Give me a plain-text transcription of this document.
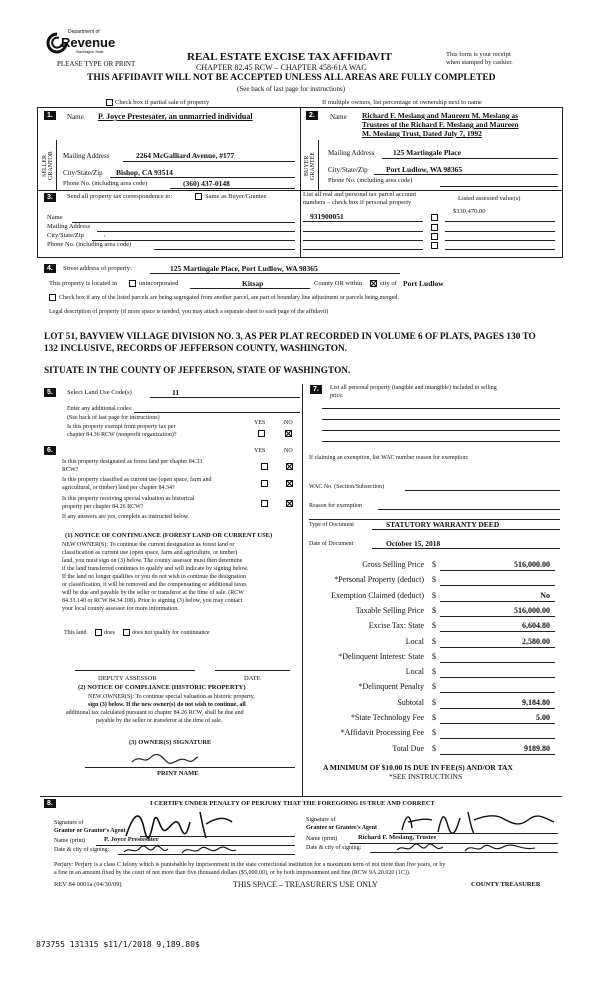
Department of
Revenue
Washington State
PLEASE TYPE OR PRINT
REAL ESTATE EXCISE TAX AFFIDAVIT
CHAPTER 82.45 RCW – CHAPTER 458-61A WAC
THIS AFFIDAVIT WILL NOT BE ACCEPTED UNLESS ALL AREAS ARE FULLY COMPLETED
(See back of last page for instructions)
This form is your receipt
when stamped by cashier.
Check box if partial sale of property	If multiple owners, list percentage of ownership next to name
1.	Name P. Joyce Prestesater, an unmarried individual
SELLER GRANTOR Mailing Address	2264 McGalliard Avenue, #177
City/State/Zip Bishop, CA 93514
Phone No. (including area code)	(360) 437-0148
2.	Name Richard F. Meslang and Maureen M. Meslang as
Trustees of the Richard F. Meslang and Maureen
M. Meslang Trust, Dated July 7, 1992
BUYER GRANTEE Mailing Address 125 Martingale Place
City/State/Zip Port Ludlow, WA 98365
Phone No. (including area code)
3.	Send all property tax correspondence to:	Same as Buyer/Grantee
Name
Mailing Address
City/State/Zip	,
Phone No. (including area code)
List all real and personal tax parcel account
numbers – check box if personal property
Listed assessed value(s)
931900051
$330,470.00
4.	Street address of property:	125 Martingale Place, Port Ludlow, WA 98365
This property is located in	unincorporated	Kitsap	County OR within	city of Port Ludlow
Check box if any of the listed parcels are being segregated from another parcel, are part of boundary line adjustment or parcels being merged.
Legal description of property (if more space is needed, you may attach a separate sheet to each page of the affidavit)
LOT 51, BAYVIEW VILLAGE DIVISION NO. 3, AS PER PLAT RECORDED IN VOLUME 6 OF PLATS, PAGES 130 TO
132 INCLUSIVE, RECORDS OF JEFFERSON COUNTY, WASHINGTON.
SITUATE IN THE COUNTY OF JEFFERSON, STATE OF WASHINGTON.
5.	Select Land Use Code(s)	11
Enter any additional codes:
(See back of last page for instructions)
YES	NO
Is this property exempt from property tax per
chapter 84.36 RCW (nonprofit organization)?
6.	YES	NO
Is this property designated as forest land per chapter 84.33
RCW?
Is this property classified as current use (open space, farm and
agricultural, or timber) land per chapter 84.34?
Is this property receiving special valuation as historical
property per chapter 84.26 RCW?
If any answers are yes, complete as instructed below.
(1) NOTICE OF CONTINUANCE (FOREST LAND OR CURRENT USE)
NEW OWNER(S): To continue the current designation as forest land or
classification as current use (open space, farm and agriculture, or timber)
land, you must sign on (3) below. The county assessor must then determine
if the land transferred continues to qualify and will indicate by signing below.
If the land no longer qualifies or you do not wish to continue the designation
or classification, it will be removed and the compensating or additional taxes
will be due and payable by the seller or transferor at the time of sale. (RCW
84.33.140 or RCW 84.34.108). Prior to signing (3) below, you may contact
your local county assessor for more information.
This land	does	does not qualify for continuance
DEPUTY ASSESSOR	DATE
(2) NOTICE OF COMPLIANCE (HISTORIC PROPERTY)
NEW OWNER(S): To continue special valuation as historic property,
sign (3) below. If the new owner(s) do not wish to continue, all
additional tax calculated pursuant to chapter 84.26 RCW, shall be due and
payable by the seller or transferor at the time of sale.
(3) OWNER(S) SIGNATURE
PRINT NAME
7.	List all personal property (tangible and intangible) included in selling
price.
If claiming an exemption, list WAC number reason for exemption:
WAC No. (Section/Subsection)
Reason for exemption
Type of Document	STATUTORY WARRANTY DEED
Date of Document	October 15, 2018
Gross Selling Price $	516,000.00
*Personal Property (deduct) $
Exemption Claimed (deduct) $	No
Taxable Selling Price $	516,000.00
Excise Tax: State $	6,604.80
Local $	2,580.00
*Delinquent Interest: State $
Local $
*Delinquent Penalty $
Subtotal $	9,184.80
*State Technology Fee $	5.00
*Affidavit Processing Fee $
Total Due $	9189.80
A MINIMUM OF $10.00 IS DUE IN FEE(S) AND/OR TAX
*SEE INSTRUCTIONS
8.	I CERTIFY UNDER PENALTY OF PERJURY THAT THE FOREGOING IS TRUE AND CORRECT
Signature of
Grantor or Grantor's Agent
Name (print)	P. Joyce Prestesater
Date & city of signing:
Signature of
Grantee or Grantee's Agent
Name (print)	Richard F. Meslang, Trustee
Date & city of signing:
Perjury: Perjury is a class C felony which is punishable by imprisonment in the state correctional institution for a maximum term of not more than five years, or by
a fine in an amount fixed by the court of not more than five thousand dollars ($5,000.00), or by both imprisonment and fine (RCW 9A.20.020 (1C)).
REV 84 0001a (04/30/09)	THIS SPACE – TREASURER'S USE ONLY	COUNTY TREASURER
873755 131315 $11/1/2018 9,189.80$
